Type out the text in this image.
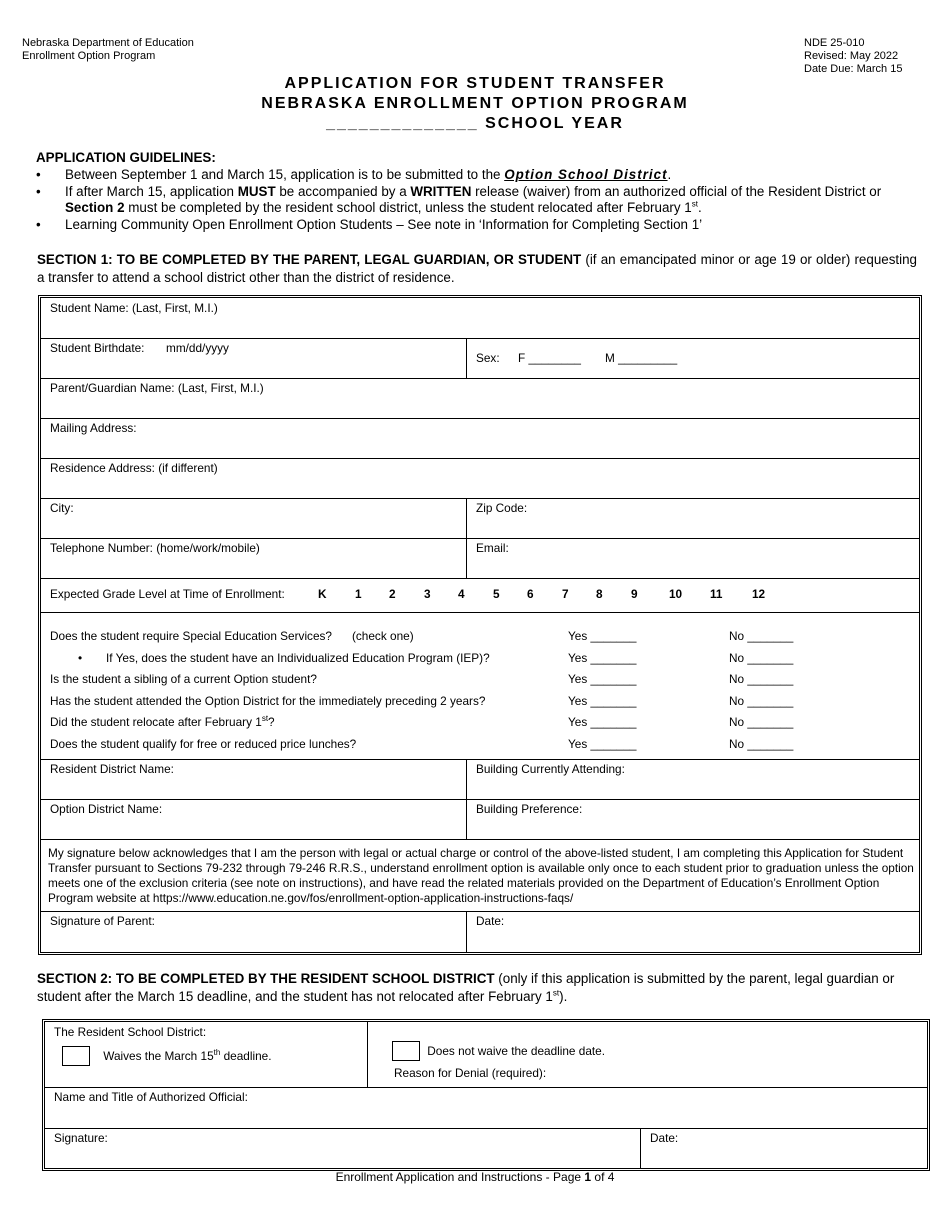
Nebraska Department of Education
Enrollment Option Program
NDE 25-010
Revised: May 2022
Date Due: March 15
APPLICATION FOR STUDENT TRANSFER
NEBRASKA ENROLLMENT OPTION PROGRAM
______________ SCHOOL YEAR
APPLICATION GUIDELINES:
• Between September 1 and March 15, application is to be submitted to the Option School District.
• If after March 15, application MUST be accompanied by a WRITTEN release (waiver) from an authorized official of the Resident District or Section 2 must be completed by the resident school district, unless the student relocated after February 1st.
• Learning Community Open Enrollment Option Students – See note in ‘Information for Completing Section 1’
SECTION 1: TO BE COMPLETED BY THE PARENT, LEGAL GUARDIAN, OR STUDENT (if an emancipated minor or age 19 or older) requesting a transfer to attend a school district other than the district of residence.
Student Name: (Last, First, M.I.)
Student Birthdate: mm/dd/yyyy
Sex: F ________ M _________
Parent/Guardian Name: (Last, First, M.I.)
Mailing Address:
Residence Address: (if different)
City:	Zip Code:
Telephone Number: (home/work/mobile)	Email:
Expected Grade Level at Time of Enrollment:	K 1 2 3 4 5 6 7 8 9	10 11	12
Does the student require Special Education Services? (check one)	Yes _______	No _______
• If Yes, does the student have an Individualized Education Program (IEP)?	Yes _______	No _______
Is the student a sibling of a current Option student?	Yes _______	No _______
Has the student attended the Option District for the immediately preceding 2 years?	Yes _______	No _______
Did the student relocate after February 1st?	Yes _______	No _______
Does the student qualify for free or reduced price lunches?	Yes _______	No _______
Resident District Name:	Building Currently Attending:
Option District Name:	Building Preference:
My signature below acknowledges that I am the person with legal or actual charge or control of the above-listed student, I am completing this Application for Student Transfer pursuant to Sections 79-232 through 79-246 R.R.S., understand enrollment option is available only once to each student prior to graduation unless the option meets one of the exclusion criteria (see note on instructions), and have read the related materials provided on the Department of Education’s Enrollment Option Program website at https://www.education.ne.gov/fos/enrollment-option-application-instructions-faqs/
Signature of Parent:	Date:
SECTION 2: TO BE COMPLETED BY THE RESIDENT SCHOOL DISTRICT (only if this application is submitted by the parent, legal guardian or student after the March 15 deadline, and the student has not relocated after February 1st).
The Resident School District:
Waives the March 15th deadline.	Does not waive the deadline date.
Reason for Denial (required):
Name and Title of Authorized Official:
Signature:	Date:
Enrollment Application and Instructions - Page 1 of 4
